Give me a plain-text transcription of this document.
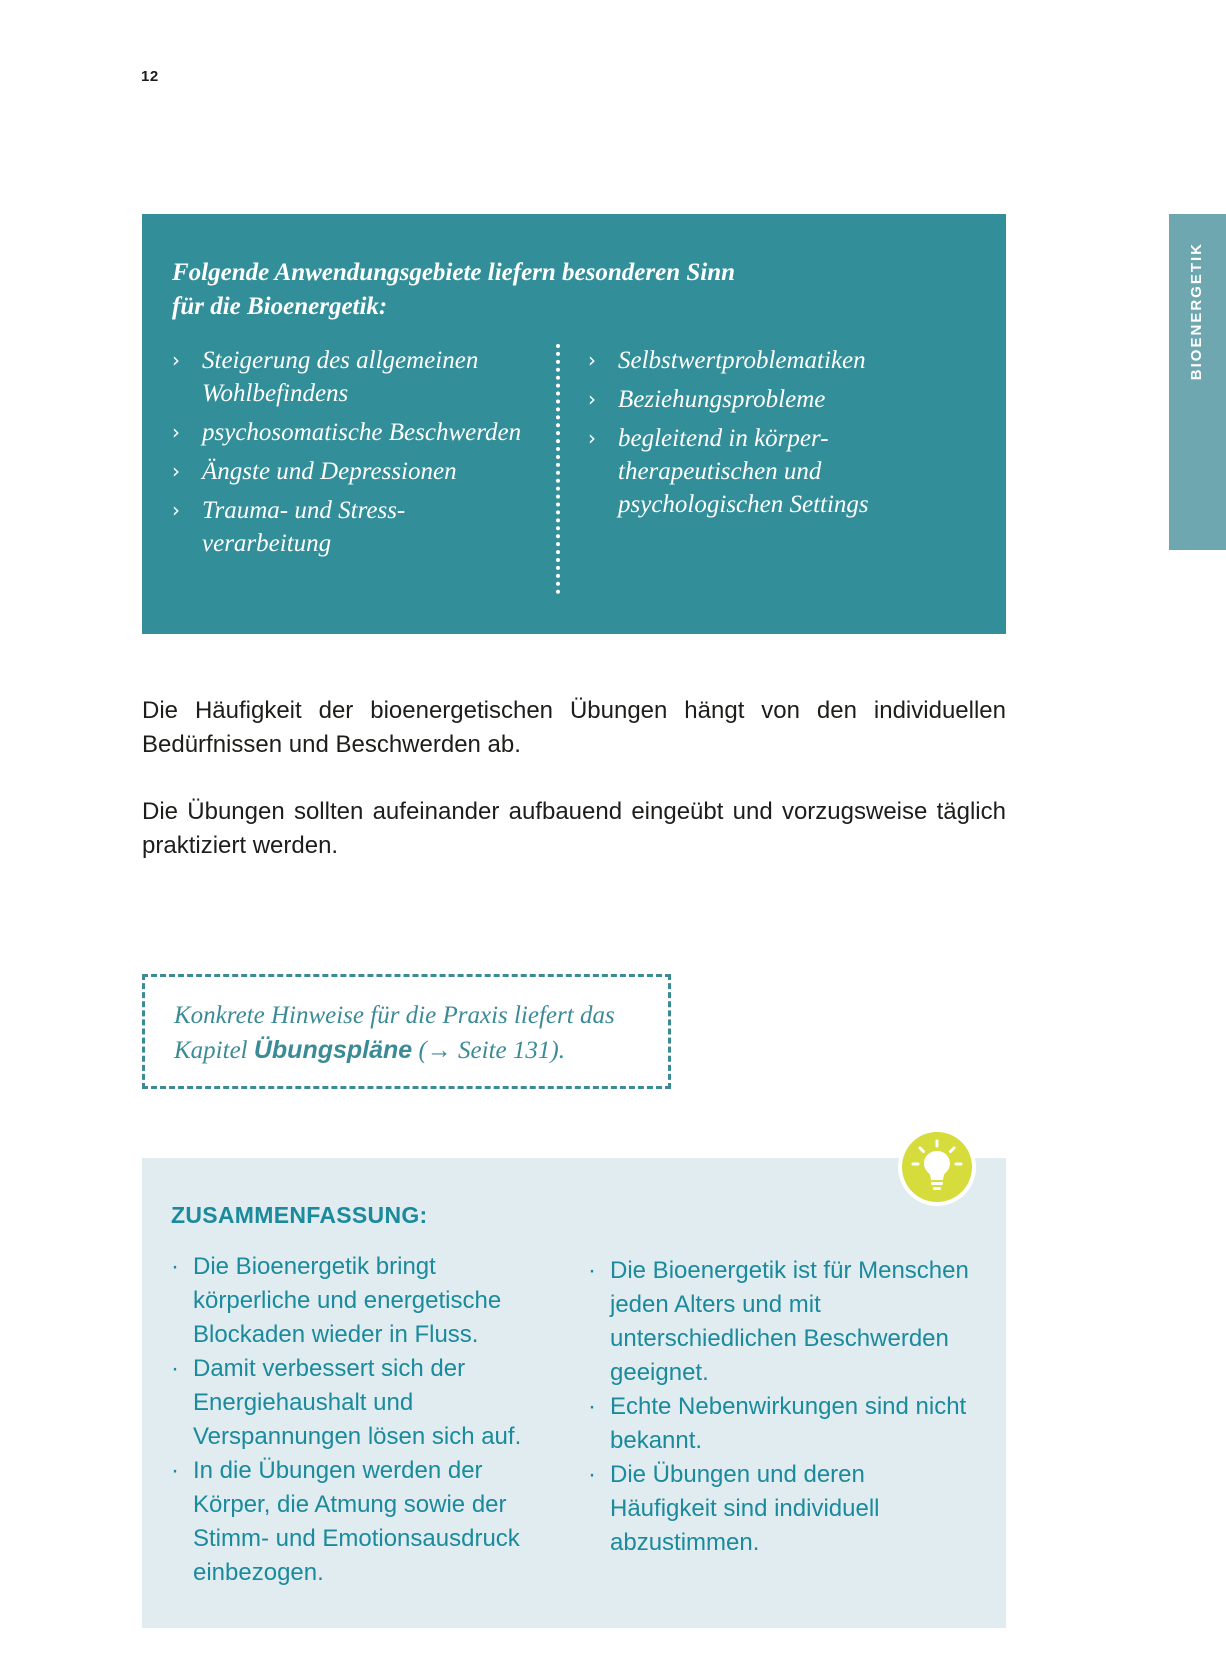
12
BIOENERGETIK
Folgende Anwendungsgebiete liefern besonderen Sinn
für die Bioenergetik:
› Steigerung des allgemeinen Wohlbefindens
› psychosomatische Beschwerden
› Ängste und Depressionen
› Trauma- und Stress-verarbeitung
› Selbstwertproblematiken
› Beziehungsprobleme
› begleitend in körper-therapeutischen und psychologischen Settings

Die Häufigkeit der bioenergetischen Übungen hängt von den individuellen Bedürfnissen und Beschwerden ab.

Die Übungen sollten aufeinander aufbauend eingeübt und vorzugsweise täglich praktiziert werden.

Konkrete Hinweise für die Praxis liefert das Kapitel Übungspläne (→ Seite 131).

ZUSAMMENFASSUNG:
· Die Bioenergetik bringt körperliche und energetische Blockaden wieder in Fluss.
· Damit verbessert sich der Energiehaushalt und Verspannungen lösen sich auf.
· In die Übungen werden der Körper, die Atmung sowie der Stimm- und Emotionsausdruck einbezogen.
· Die Bioenergetik ist für Menschen jeden Alters und mit unterschiedlichen Beschwerden geeignet.
· Echte Nebenwirkungen sind nicht bekannt.
· Die Übungen und deren Häufigkeit sind individuell abzustimmen.
